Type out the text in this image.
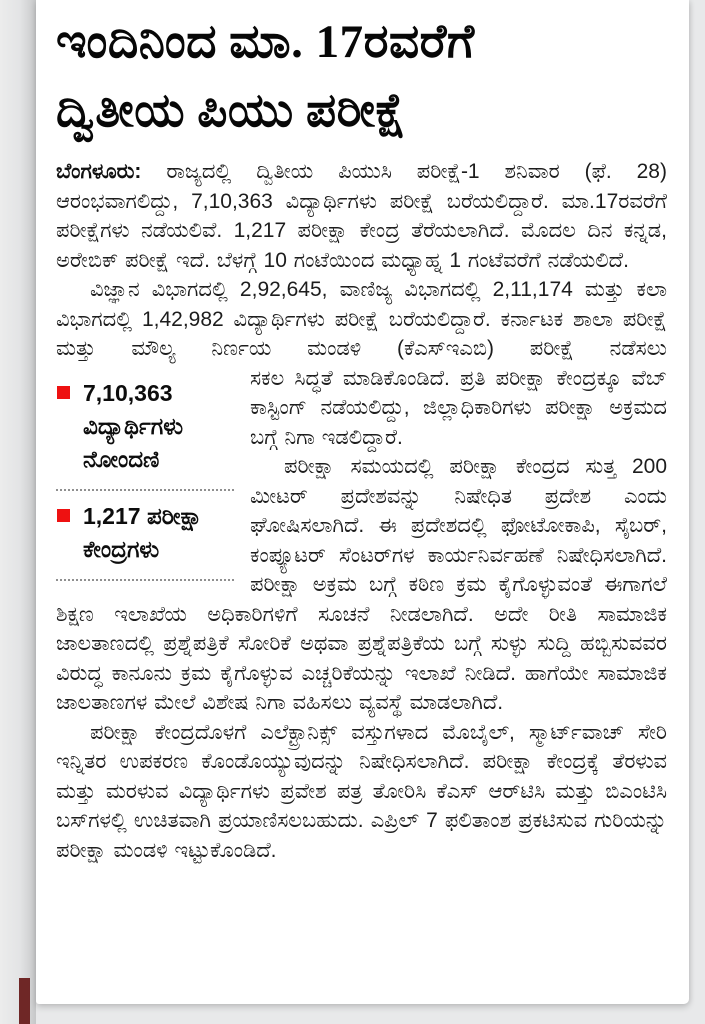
ಇಂದಿನಿಂದ ಮಾ. 17ರವರೆಗೆ
ದ್ವಿತೀಯ ಪಿಯು ಪರೀಕ್ಷೆ

ಬೆಂಗಳೂರು: ರಾಜ್ಯದಲ್ಲಿ ದ್ವಿತೀಯ ಪಿಯುಸಿ ಪರೀಕ್ಷೆ-1 ಶನಿವಾರ (ಫೆ. 28) ಆರಂಭವಾಗಲಿದ್ದು, 7,10,363 ವಿದ್ಯಾರ್ಥಿಗಳು ಪರೀಕ್ಷೆ ಬರೆಯಲಿದ್ದಾರೆ. ಮಾ.17ರವರೆಗೆ ಪರೀಕ್ಷೆಗಳು ನಡೆಯಲಿವೆ. 1,217 ಪರೀಕ್ಷಾ ಕೇಂದ್ರ ತೆರೆಯಲಾಗಿದೆ. ಮೊದಲ ದಿನ ಕನ್ನಡ, ಅರೇಬಿಕ್ ಪರೀಕ್ಷೆ ಇದೆ. ಬೆಳಗ್ಗೆ 10 ಗಂಟೆಯಿಂದ ಮಧ್ಯಾಹ್ನ 1 ಗಂಟೆವರೆಗೆ ನಡೆಯಲಿದೆ.

ವಿಜ್ಞಾನ ವಿಭಾಗದಲ್ಲಿ 2,92,645, ವಾಣಿಜ್ಯ ವಿಭಾಗದಲ್ಲಿ 2,11,174 ಮತ್ತು ಕಲಾ ವಿಭಾಗದಲ್ಲಿ 1,42,982 ವಿದ್ಯಾರ್ಥಿಗಳು ಪರೀಕ್ಷೆ ಬರೆಯಲಿದ್ದಾರೆ. ಕರ್ನಾಟಕ ಶಾಲಾ ಪರೀಕ್ಷೆ ಮತ್ತು ಮೌಲ್ಯ ನಿರ್ಣಯ ಮಂಡಳಿ (ಕೆಎಸ್‌ಇಎಬಿ) ಪರೀಕ್ಷೆ ನಡೆಸಲು

7,10,363 ವಿದ್ಯಾರ್ಥಿಗಳು ನೋಂದಣಿ
1,217 ಪರೀಕ್ಷಾ ಕೇಂದ್ರಗಳು

ಸಕಲ ಸಿದ್ಧತೆ ಮಾಡಿಕೊಂಡಿದೆ. ಪ್ರತಿ ಪರೀಕ್ಷಾ ಕೇಂದ್ರಕ್ಕೂ ವೆಬ್ ಕಾಸ್ಟಿಂಗ್ ನಡೆಯಲಿದ್ದು, ಜಿಲ್ಲಾಧಿಕಾರಿಗಳು ಪರೀಕ್ಷಾ ಅಕ್ರಮದ ಬಗ್ಗೆ ನಿಗಾ ಇಡಲಿದ್ದಾರೆ.

ಪರೀಕ್ಷಾ ಸಮಯದಲ್ಲಿ ಪರೀಕ್ಷಾ ಕೇಂದ್ರದ ಸುತ್ತ 200 ಮೀಟರ್ ಪ್ರದೇಶವನ್ನು ನಿಷೇಧಿತ ಪ್ರದೇಶ ಎಂದು ಘೋಷಿಸಲಾಗಿದೆ. ಈ ಪ್ರದೇಶದಲ್ಲಿ ಫೋಟೋಕಾಪಿ, ಸೈಬರ್, ಕಂಪ್ಯೂಟರ್ ಸೆಂಟರ್‌ಗಳ ಕಾರ್ಯನಿರ್ವಹಣೆ ನಿಷೇಧಿಸಲಾಗಿದೆ. ಪರೀಕ್ಷಾ ಅಕ್ರಮ ಬಗ್ಗೆ ಕಠಿಣ ಕ್ರಮ ಕೈಗೊಳ್ಳುವಂತೆ ಈಗಾಗಲೆ ಶಿಕ್ಷಣ ಇಲಾಖೆಯ ಅಧಿಕಾರಿಗಳಿಗೆ ಸೂಚನೆ ನೀಡಲಾಗಿದೆ. ಅದೇ ರೀತಿ ಸಾಮಾಜಿಕ ಜಾಲತಾಣದಲ್ಲಿ ಪ್ರಶ್ನೆಪತ್ರಿಕೆ ಸೋರಿಕೆ ಅಥವಾ ಪ್ರಶ್ನೆಪತ್ರಿಕೆಯ ಬಗ್ಗೆ ಸುಳ್ಳು ಸುದ್ದಿ ಹಬ್ಬಿಸುವವರ ವಿರುದ್ಧ ಕಾನೂನು ಕ್ರಮ ಕೈಗೊಳ್ಳುವ ಎಚ್ಚರಿಕೆಯನ್ನು ಇಲಾಖೆ ನೀಡಿದೆ. ಹಾಗೆಯೇ ಸಾಮಾಜಿಕ ಜಾಲತಾಣಗಳ ಮೇಲೆ ವಿಶೇಷ ನಿಗಾ ವಹಿಸಲು ವ್ಯವಸ್ಥೆ ಮಾಡಲಾಗಿದೆ.

ಪರೀಕ್ಷಾ ಕೇಂದ್ರದೊಳಗೆ ಎಲೆಕ್ಟ್ರಾನಿಕ್ಸ್ ವಸ್ತುಗಳಾದ ಮೊಬೈಲ್, ಸ್ಮಾರ್ಟ್‌ವಾಚ್ ಸೇರಿ ಇನ್ನಿತರ ಉಪಕರಣ ಕೊಂಡೊಯ್ಯುವುದನ್ನು ನಿಷೇಧಿಸಲಾಗಿದೆ. ಪರೀಕ್ಷಾ ಕೇಂದ್ರಕ್ಕೆ ತೆರಳುವ ಮತ್ತು ಮರಳುವ ವಿದ್ಯಾರ್ಥಿಗಳು ಪ್ರವೇಶ ಪತ್ರ ತೋರಿಸಿ ಕೆಎಸ್ ಆರ್‌ಟಿಸಿ ಮತ್ತು ಬಿಎಂಟಿಸಿ ಬಸ್‌ಗಳಲ್ಲಿ ಉಚಿತವಾಗಿ ಪ್ರಯಾಣಿಸಲಬಹುದು. ಎಪ್ರಿಲ್ 7 ಫಲಿತಾಂಶ ಪ್ರಕಟಿಸುವ ಗುರಿಯನ್ನು ಪರೀಕ್ಷಾ ಮಂಡಳಿ ಇಟ್ಟುಕೊಂಡಿದೆ.
